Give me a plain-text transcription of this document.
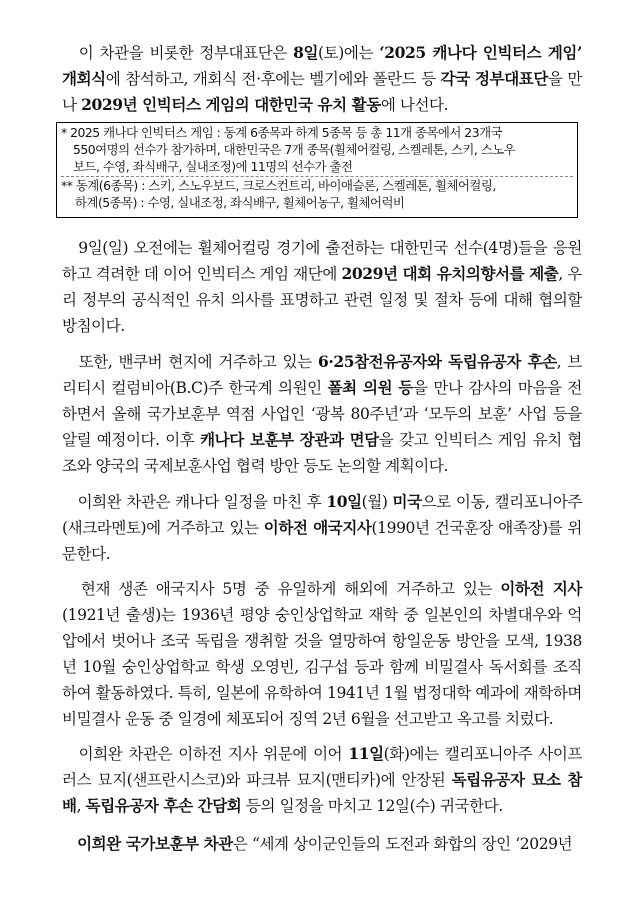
　이 차관을 비롯한 정부대표단은 8일(토)에는 ‘2025 캐나다 인빅터스 게임’ 개회식에 참석하고, 개회식 전·후에는 벨기에와 폴란드 등 각국 정부대표단을 만나 2029년 인빅터스 게임의 대한민국 유치 활동에 나선다.
* 2025 캐나다 인빅터스 게임 : 동계 6종목과 하계 5종목 등 총 11개 종목에서 23개국
550여명의 선수가 참가하며, 대한민국은 7개 종목(휠체어컬링, 스켈레톤, 스키, 스노우
보드, 수영, 좌식배구, 실내조정)에 11명의 선수가 출전
** 동계(6종목) : 스키, 스노우보드, 크로스컨트리, 바이애슬론, 스켈레톤, 휠체어컬링,
하계(5종목) : 수영, 실내조정, 좌식배구, 휠체어농구, 휠체어럭비
　9일(일) 오전에는 휠체어컬링 경기에 출전하는 대한민국 선수(4명)들을 응원하고 격려한 데 이어 인빅터스 게임 재단에 2029년 대회 유치의향서를 제출, 우리 정부의 공식적인 유치 의사를 표명하고 관련 일정 및 절차 등에 대해 협의할 방침이다.
　또한, 밴쿠버 현지에 거주하고 있는 6·25참전유공자와 독립유공자 후손, 브리티시 컬럼비아(B.C)주 한국계 의원인 폴최 의원 등을 만나 감사의 마음을 전하면서 올해 국가보훈부 역점 사업인 ‘광복 80주년’과 ‘모두의 보훈’ 사업 등을 알릴 예정이다. 이후 캐나다 보훈부 장관과 면담을 갖고 인빅터스 게임 유치 협조와 양국의 국제보훈사업 협력 방안 등도 논의할 계획이다.
　이희완 차관은 캐나다 일정을 마친 후 10일(월) 미국으로 이동, 캘리포니아주(새크라멘토)에 거주하고 있는 이하전 애국지사(1990년 건국훈장 애족장)를 위문한다.
　현재 생존 애국지사 5명 중 유일하게 해외에 거주하고 있는 이하전 지사(1921년 출생)는 1936년 평양 숭인상업학교 재학 중 일본인의 차별대우와 억압에서 벗어나 조국 독립을 쟁취할 것을 열망하여 항일운동 방안을 모색, 1938년 10월 숭인상업학교 학생 오영빈, 김구섭 등과 함께 비밀결사 독서회를 조직하여 활동하였다. 특히, 일본에 유학하여 1941년 1월 법정대학 예과에 재학하며 비밀결사 운동 중 일경에 체포되어 징역 2년 6월을 선고받고 옥고를 치렀다.
　이희완 차관은 이하전 지사 위문에 이어 11일(화)에는 캘리포니아주 사이프러스 묘지(샌프란시스코)와 파크뷰 묘지(맨티카)에 안장된 독립유공자 묘소 참배, 독립유공자 후손 간담회 등의 일정을 마치고 12일(수) 귀국한다.
　이희완 국가보훈부 차관은 “세계 상이군인들의 도전과 화합의 장인 ‘2029년
